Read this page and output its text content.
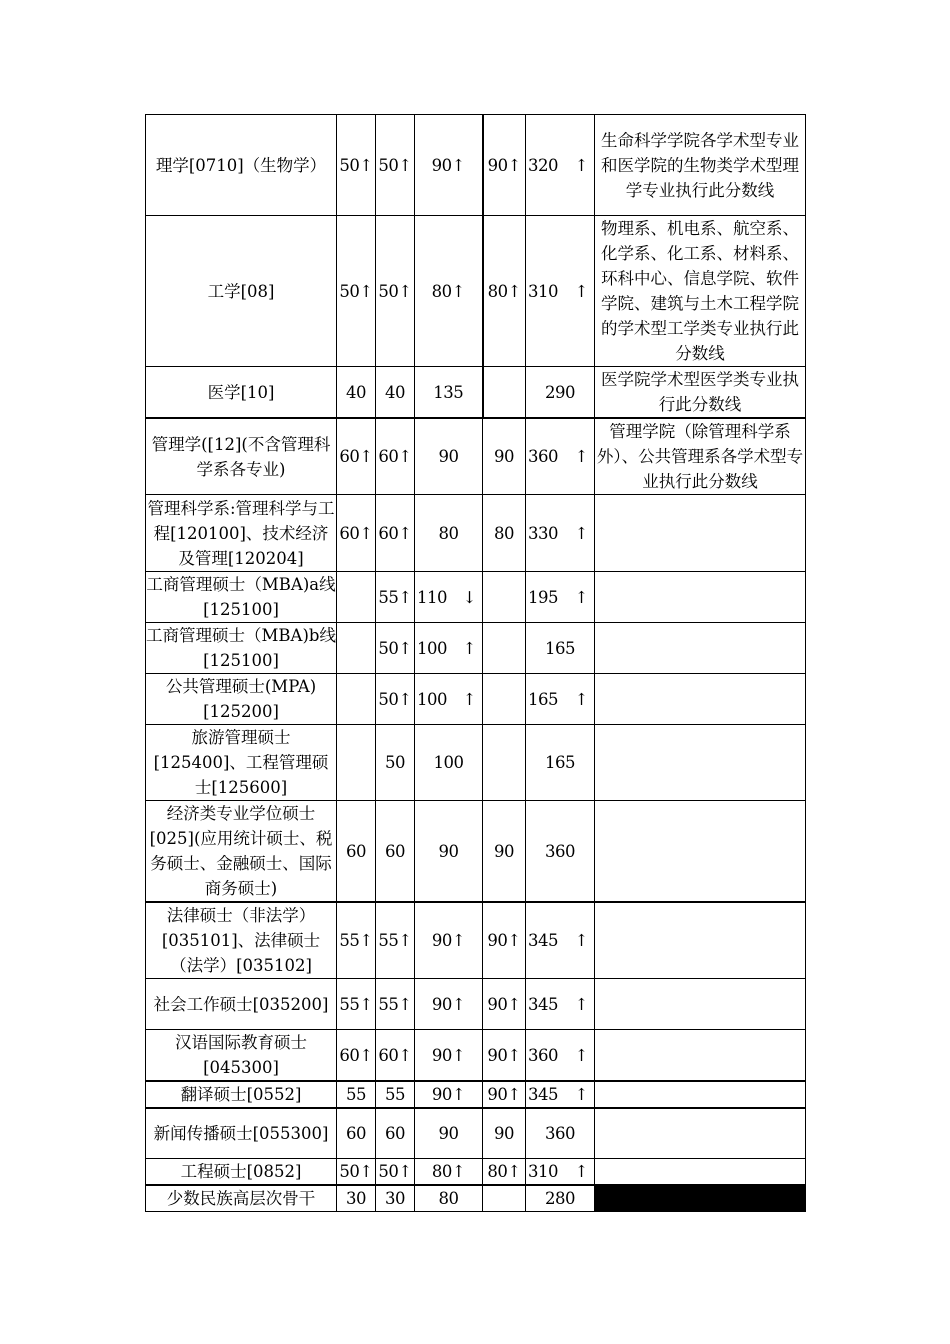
理学[0710]（生物学）	50↑	50↑	90↑	90↑	320 ↑	生命科学学院各学术型专业和医学院的生物类学术型理学专业执行此分数线
工学[08]	50↑	50↑	80↑	80↑	310 ↑	物理系、机电系、航空系、化学系、化工系、材料系、环科中心、信息学院、软件学院、建筑与土木工程学院的学术型工学类专业执行此分数线
医学[10]	40	40	135		290	医学院学术型医学类专业执行此分数线
管理学([12](不含管理科学系各专业)	60↑	60↑	90	90	360 ↑	管理学院（除管理科学系外）、公共管理系各学术型专业执行此分数线
管理科学系:管理科学与工程[120100]、技术经济及管理[120204]	60↑	60↑	80	80	330 ↑	

工商管理硕士（MBA)a线[125100]		55↑	110 ↓		195 ↑	

工商管理硕士（MBA)b线[125100]		50↑	100 ↑		165	
公共管理硕士(MPA)[125200]		50↑	100 ↑		165 ↑	

旅游管理硕士[125400]、工程管理硕士[125600]		50	100		165	
经济类专业学位硕士[025](应用统计硕士、税务硕士、金融硕士、国际商务硕士)	60	60	90	90	360	
法律硕士（非法学）[035101]、法律硕士（法学）[035102]	55↑	55↑	90↑	90↑	345 ↑	

社会工作硕士[035200]	55↑	55↑	90↑	90↑	345 ↑	

汉语国际教育硕士[045300]	60↑	60↑	90↑	90↑	360 ↑	

翻译硕士[0552]	55	55	90↑	90↑	345 ↑	

新闻传播硕士[055300]	60	60	90	90	360	
工程硕士[0852]	50↑	50↑	80↑	80↑	310 ↑	

少数民族高层次骨干	30	30	80		280	
